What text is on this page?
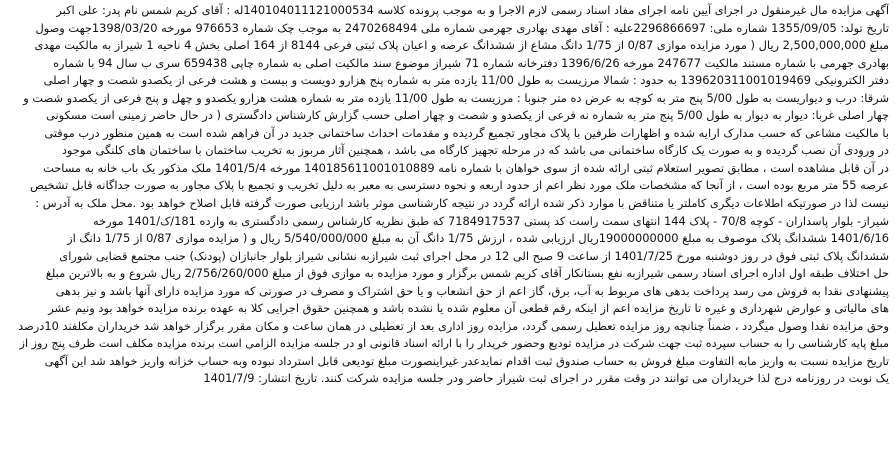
آگهی مزایده مال غیرمنقول در اجرای آیین نامه اجرای مفاد اسناد رسمی لازم الاجرا و به موجب پرونده کلاسه 140104011121000534له : آقای کریم شمس نام پدر: علی اکبر
تاریخ تولد: 1355/09/05 شماره ملی: 2296866697علیه : آقای مهدی بهادری جهرمی شماره ملی 2470268494 به موجب چک شماره 976653 مورخه 1398/03/20جهت وصول
مبلغ 2,500,000,000 ریال ( مورد مزایده موازی 0/87 از 1/75 دانگ مشاع از ششدانگ عرصه و اعیان پلاک ثبتی فرعی 8144 از 164 اصلی بخش 4 ناحیه 1 شیراز به مالکیت مهدی
بهادری جهرمی با شماره مستند مالکیت 247677 مورخه 1396/6/26 دفترخانه شماره 71 شیراز موضوع سند مالکیت اصلی به شماره چاپی 659438 سری ب سال 94 با شماره
دفتر الکترونیکی 139620311001019469 به حدود : شمالا مرزیست به طول 11/00 یازده متر به شماره پنج هزارو دویست و بیست و هشت فرعی از یکصدو شصت و چهار اصلی
شرقا: درب و دیواریست به طول 5/00 پنج متر به کوچه به عرض ده متر جنوبا : مرزیست به طول 11/00 یازده متر به شماره هشت هزارو یکصدو و چهل و پنج فرعی از یکصدو شصت و
چهار اصلی غربا: دیوار به دیوار به طول 5/00 پنج متر به شماره نه فرعی از یکصدو و شصت و چهار اصلی حسب گزارش کارشناس دادگستری ( در حال حاضر زمینی است مسکونی
با مالکیت مشاعی که حسب مدارک ارایه شده و اظهارات طرفین با پلاک مجاور تجمیع گردیده و مقدمات احداث ساختمانی جدید در آن فراهم شده است به همین منظور درب موقتی
در ورودی آن نصب گردیده و به صورت یک کارگاه ساختمانی می باشد که در مرحله تجهیز کارگاه می باشد ، همچنین آثار مربوز به تخریب ساختمان با ساختمان های کلنگی موجود
در آن قابل مشاهده است ، مطابق تصویر استعلام ثبتی ارائه شده از سوی خواهان با شماره نامه 140185611001010889 مورخه 1401/5/4 ملک مذکور یک باب خانه به مساحت
عرصه 55 متر مربع بوده است ، از آنجا که مشخصات ملک مورد نظر اعم از حدود اربعه و نحوه دسترسی به معبر به دلیل تخریب و تجمیع با پلاک مجاور به صورت جداگانه قابل تشخیص
نیست لذا در صورتیکه اطلاعات دیگری کاملتر یا متناقض با موارد ذکر شده ارائه گردد در نتیجه کارشناسی موثر باشد ارزیابی صورت گرفته قابل اصلاح خواهد بود .محل ملک به آدرس :
شیراز- بلوار پاسداران - کوچه 70/8 - پلاک 144 انتهای سمت راست کد پستی 7184917537 که طبق نظریه کارشناس رسمی دادگستری به وارده 181/ک/1401 مورخه
1401/6/16 ششدانگ پلاک موصوف به مبلغ 19000000000ریال ارزیابی شده ، ارزش 1/75 دانگ آن به مبلغ 5/540/000/000 ریال و ( مزایده موازی 0/87 از 1/75 دانگ از
ششدانگ پلاک ثبتی فوق در روز دوشنبه مورخ 1401/7/25 از ساعت 9 صبح الی 12 در محل اجرای ثبت شیرازبه نشانی شیراز بلوار جانبازان (پودنک) جنب مجتمع قضایی شورای
حل اختلاف طبقه اول اداره اجرای اسناد رسمی شیرازبه نفع بستانکار آقای کریم شمس برگزار و مورد مزایده به موازی فوق از مبلغ 2/756/260/000 ریال شروع و به بالاترین مبلغ
پیشنهادی نقدا به فروش می رسد پرداخت بدهی های مربوط به آب، برق، گاز اعم از حق انشعاب و یا حق اشتراک و مصرف در صورتی که مورد مزایده دارای آنها باشد و نیز بدهی
های مالیاتی و عوارض شهرداری و غیره تا تاریخ مزایده اعم از اینکه رقم قطعی آن معلوم شده یا نشده باشد و همچنین حقوق اجرایی کلا به عهده برنده مزایده خواهد بود ونیم عشر
وحق مزایده نقدا وصول میگردد ، ضمناً چنانچه روز مزایده تعطیل رسمی گردد، مزایده روز اداری بعد از تعطیلی در همان ساعت و مکان مقرر برگزار خواهد شد خریداران مکلفند 10درصد
مبلغ پایه کارشناسی را به حساب سپرده ثبت جهت شرکت در مزایده تودیع وحضور خریدار را با ارائه اسناد قانونی او در جلسه مزایده الزامی است برنده مزایده مکلف است ظرف پنج روز از
تاریخ مزایده نسبت به واریز مابه التفاوت مبلغ فروش به حساب صندوق ثبت اقدام نمایدعدر غیراینصورت مبلغ تودیعی قابل استرداد نبوده وبه حساب خزانه واریز خواهد شد این آگهی
یک نوبت در روزنامه درج لذا خریداران می توانند در وقت مقرر در اجرای ثبت شیراز حاضر ودر جلسه مزایده شرکت کنند. تاریخ انتشار: 1401/7/9
